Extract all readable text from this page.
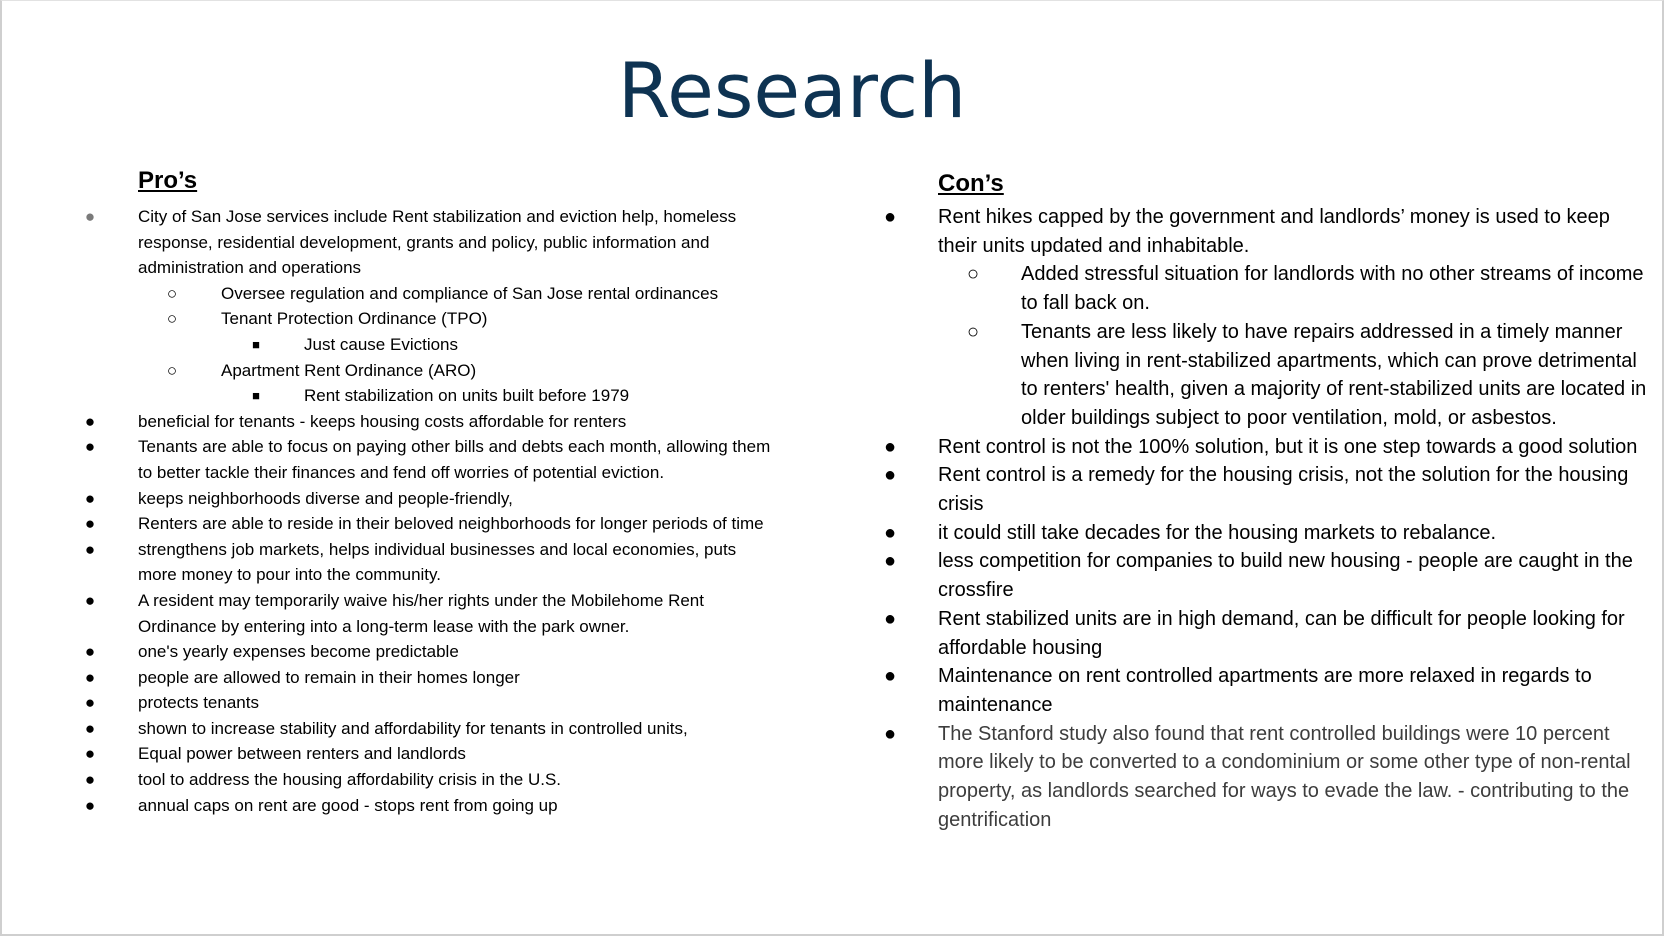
Research
Pro’s	Con’s
●	City of San Jose services include Rent stabilization and eviction help, homeless response, residential development, grants and policy, public information and administration and operations
○	Oversee regulation and compliance of San Jose rental ordinances
○	Tenant Protection Ordinance (TPO)
■	Just cause Evictions
○	Apartment Rent Ordinance (ARO)
■	Rent stabilization on units built before 1979
●	beneficial for tenants - keeps housing costs affordable for renters
●	Tenants are able to focus on paying other bills and debts each month, allowing them to better tackle their finances and fend off worries of potential eviction.
●	keeps neighborhoods diverse and people-friendly,
●	Renters are able to reside in their beloved neighborhoods for longer periods of time
●	strengthens job markets, helps individual businesses and local economies, puts more money to pour into the community.
●	A resident may temporarily waive his/her rights under the Mobilehome Rent Ordinance by entering into a long-term lease with the park owner.
●	one's yearly expenses become predictable
●	people are allowed to remain in their homes longer
●	protects tenants
●	shown to increase stability and affordability for tenants in controlled units,
●	Equal power between renters and landlords
●	tool to address the housing affordability crisis in the U.S.
●	annual caps on rent are good - stops rent from going up
● Rent hikes capped by the government and landlords’ money is used to keep their units updated and inhabitable.
○ Added stressful situation for landlords with no other streams of income to fall back on.
○ Tenants are less likely to have repairs addressed in a timely manner when living in rent-stabilized apartments, which can prove detrimental to renters' health, given a majority of rent-stabilized units are located in older buildings subject to poor ventilation, mold, or asbestos.
● Rent control is not the 100% solution, but it is one step towards a good solution
● Rent control is a remedy for the housing crisis, not the solution for the housing crisis
● it could still take decades for the housing markets to rebalance.
● less competition for companies to build new housing - people are caught in the crossfire
● Rent stabilized units are in high demand, can be difficult for people looking for affordable housing
● Maintenance on rent controlled apartments are more relaxed in regards to maintenance
● The Stanford study also found that rent controlled buildings were 10 percent more likely to be converted to a condominium or some other type of non-rental property, as landlords searched for ways to evade the law. - contributing to the gentrification
